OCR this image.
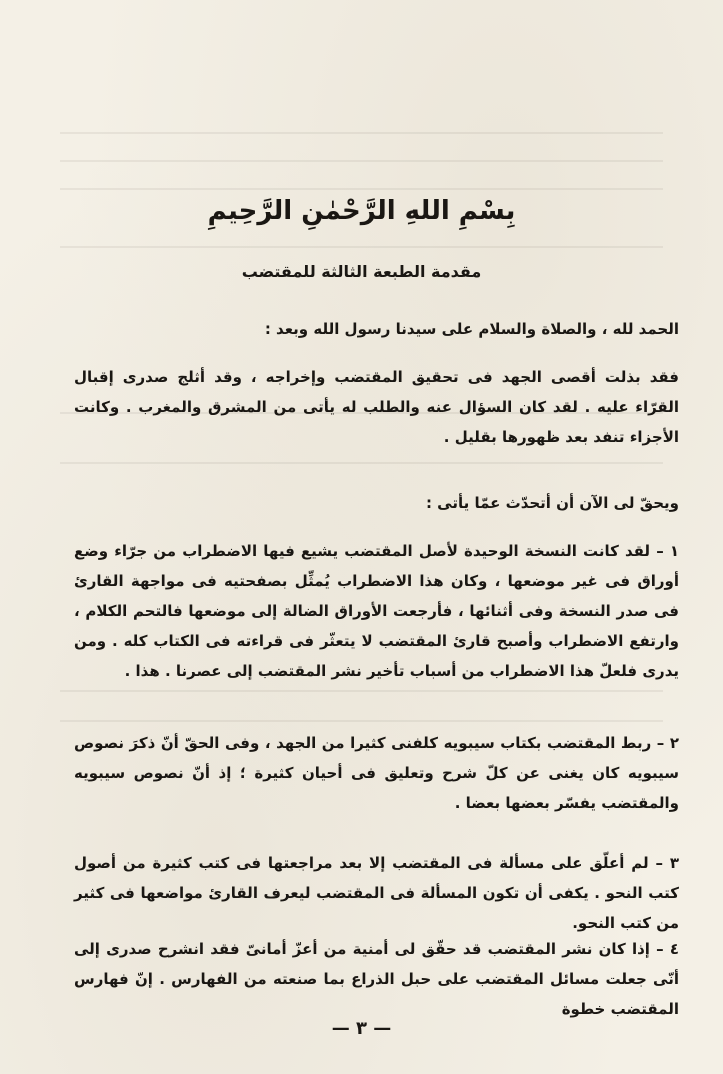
بِسْمِ اللهِ الرَّحْمٰنِ الرَّحِيمِ
مقدمة الطبعة الثالثة للمقتضب
الحمد لله ، والصلاة والسلام على سيدنا رسول الله وبعد :
فقد بذلت أقصى الجهد فى تحقيق المقتضب وإخراجه ، وقد أثلج صدرى إقبال القرّاء عليه . لقد كان السؤال عنه والطلب له يأتى من المشرق والمغرب . وكانت الأجزاء تنفد بعد ظهورها بقليل .
ويحقّ لى الآن أن أتحدّث عمّا يأتى :
١ – لقد كانت النسخة الوحيدة لأصل المقتضب يشيع فيها الاضطراب من جرّاء وضع أوراق فى غير موضعها ، وكان هذا الاضطراب يُمثِّل بصفحتيه فى مواجهة القارئ فى صدر النسخة وفى أثنائها ، فأرجعت الأوراق الضالة إلى موضعها فالتحم الكلام ، وارتفع الاضطراب وأصبح قارئ المقتضب لا يتعثّر فى قراءته فى الكتاب كله . ومن يدرى فلعلّ هذا الاضطراب من أسباب تأخير نشر المقتضب إلى عصرنا . هذا .
٢ – ربط المقتضب بكتاب سيبويه كلفنى كثيرا من الجهد ، وفى الحقّ أنّ ذكرَ نصوص سيبويه كان يغنى عن كلّ شرح وتعليق فى أحيان كثيرة ؛ إذ أنّ نصوص سيبويه والمقتضب يفسّر بعضها بعضا .
٣ – لم أعلّق على مسألة فى المقتضب إلا بعد مراجعتها فى كتب كثيرة من أصول كتب النحو . يكفى أن تكون المسألة فى المقتضب ليعرف القارئ مواضعها فى كثير من كتب النحو.
٤ – إذا كان نشر المقتضب قد حقّق لى أمنية من أعزّ أمانىّ فقد انشرح صدرى إلى أنّى جعلت مسائل المقتضب على حبل الذراع بما صنعته من الفهارس . إنّ فهارس المقتضب خطوة
— ٣ —
